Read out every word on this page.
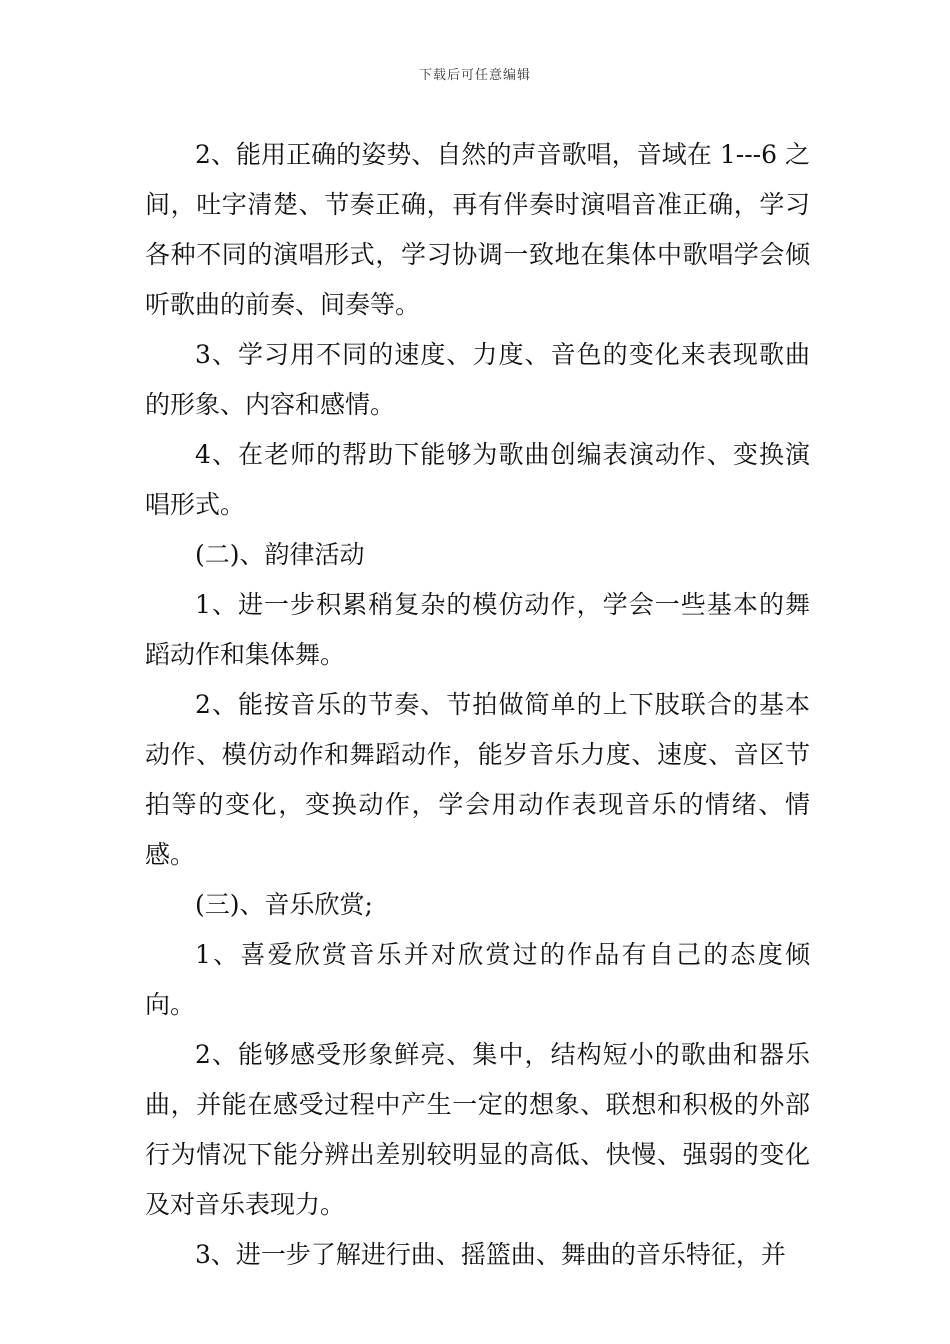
下载后可任意编辑

2、能用正确的姿势、自然的声音歌唱，音域在 1---6 之间，吐字清楚、节奏正确，再有伴奏时演唱音准正确，学习各种不同的演唱形式，学习协调一致地在集体中歌唱学会倾听歌曲的前奏、间奏等。

3、学习用不同的速度、力度、音色的变化来表现歌曲的形象、内容和感情。

4、在老师的帮助下能够为歌曲创编表演动作、变换演唱形式。

(二)、韵律活动

1、进一步积累稍复杂的模仿动作，学会一些基本的舞蹈动作和集体舞。

2、能按音乐的节奏、节拍做简单的上下肢联合的基本动作、模仿动作和舞蹈动作，能岁音乐力度、速度、音区节拍等的变化，变换动作，学会用动作表现音乐的情绪、情感。

(三)、音乐欣赏;

1、喜爱欣赏音乐并对欣赏过的作品有自己的态度倾向。

2、能够感受形象鲜亮、集中，结构短小的歌曲和器乐曲，并能在感受过程中产生一定的想象、联想和积极的外部行为情况下能分辨出差别较明显的高低、快慢、强弱的变化及对音乐表现力。

3、进一步了解进行曲、摇篮曲、舞曲的音乐特征，并
